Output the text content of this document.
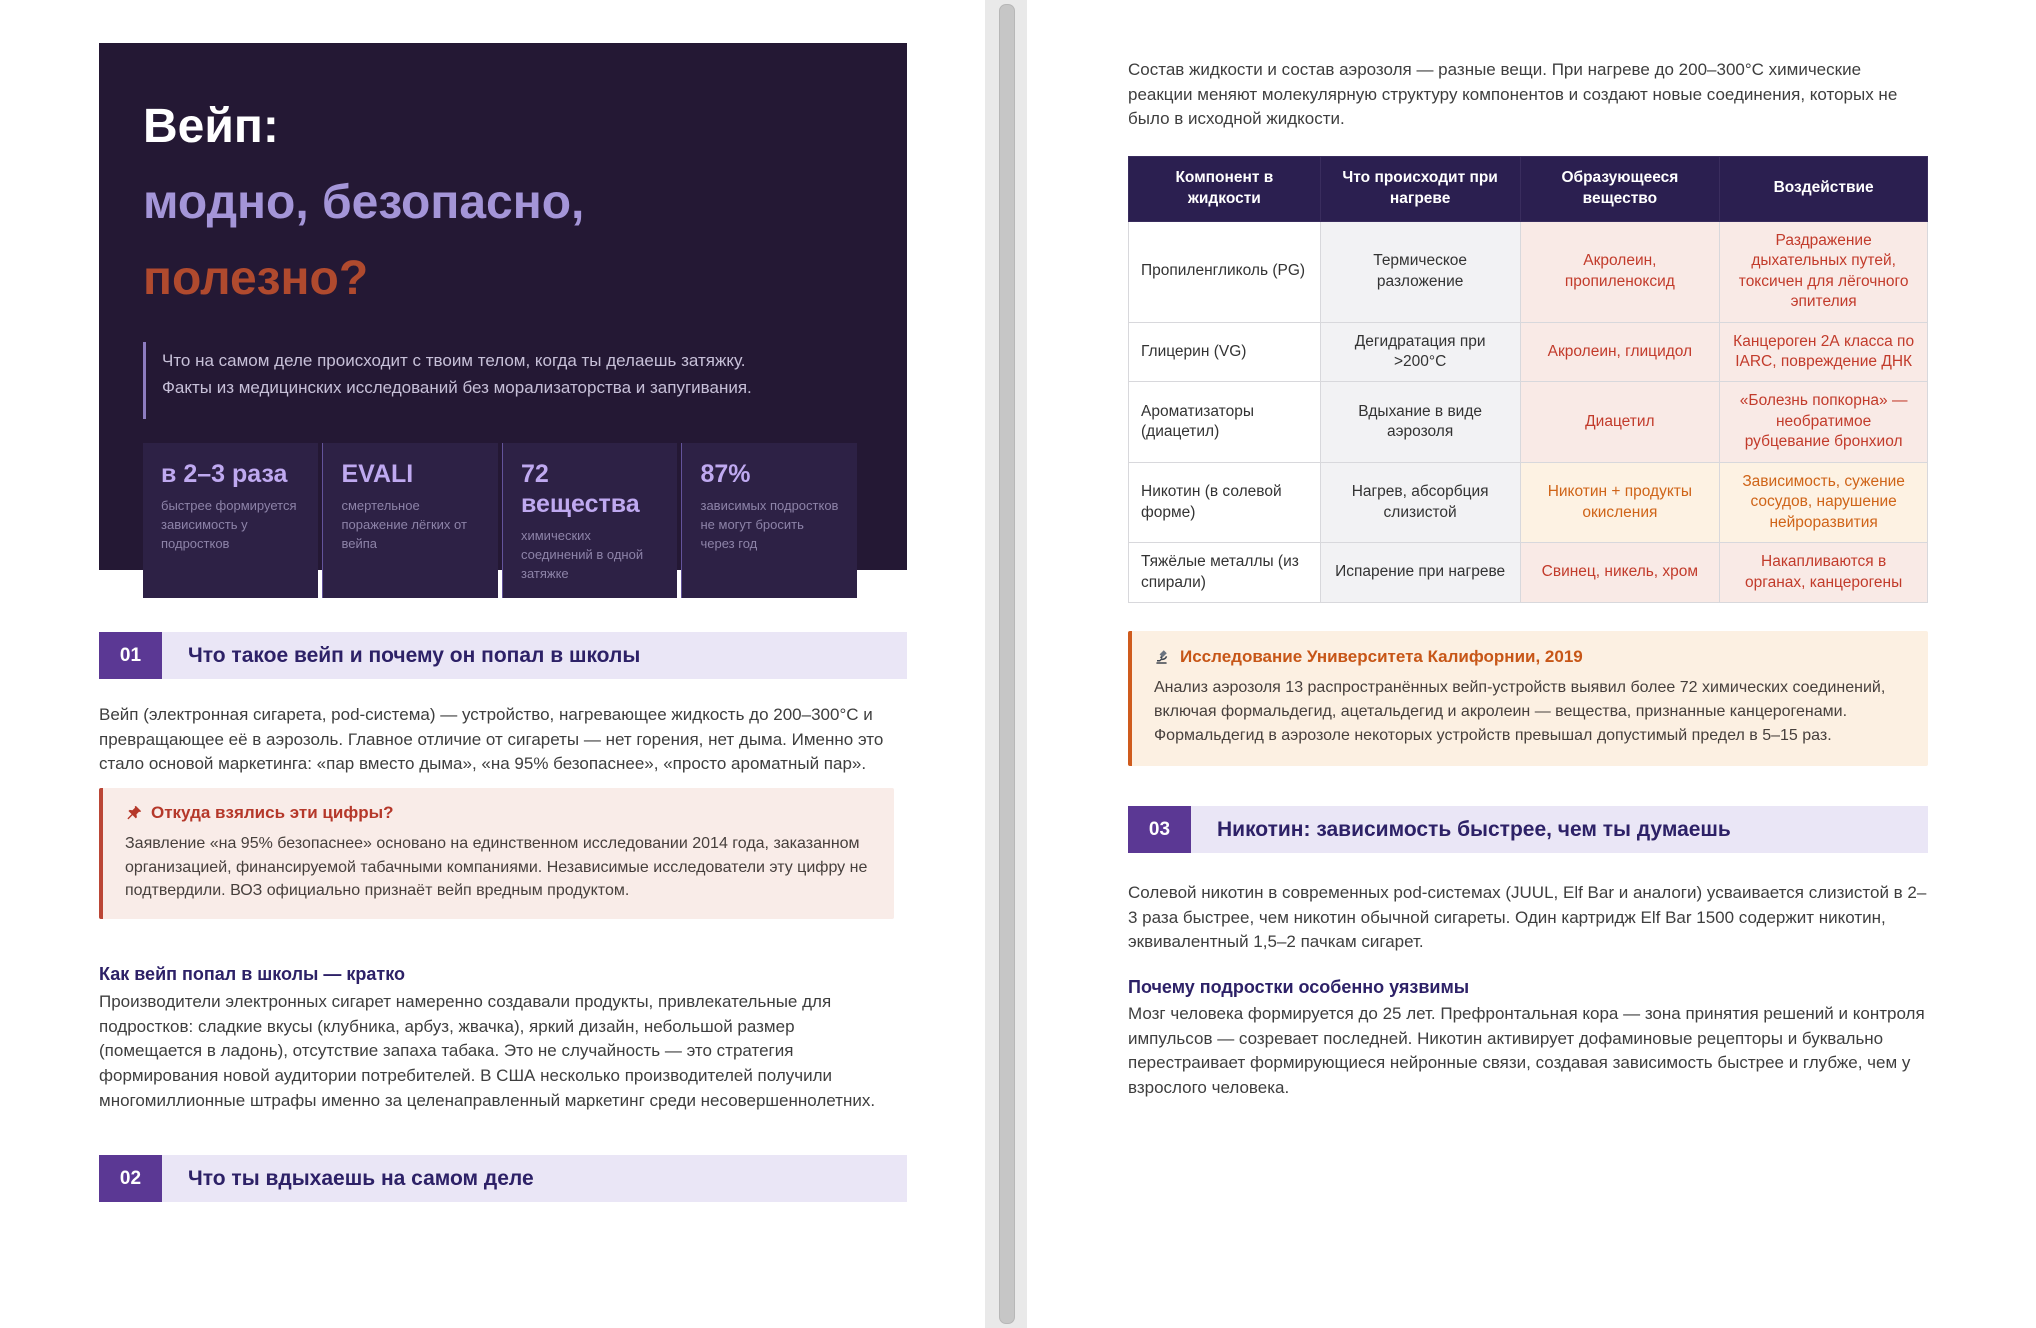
Вейп:
модно, безопасно,
полезно?
Что на самом деле происходит с твоим телом, когда ты делаешь затяжку. Факты из медицинских исследований без морализаторства и запугивания.
в 2–3 раза
быстрее формируется зависимость у подростков
EVALI
смертельное поражение лёгких от вейпа
72 вещества
химических соединений в одной затяжке
87%
зависимых подростков не могут бросить через год
01	Что такое вейп и почему он попал в школы
Вейп (электронная сигарета, pod-система) — устройство, нагревающее жидкость до 200–300°C и превращающее её в аэрозоль. Главное отличие от сигареты — нет горения, нет дыма. Именно это стало основой маркетинга: «пар вместо дыма», «на 95% безопаснее», «просто ароматный пар».
Откуда взялись эти цифры?
Заявление «на 95% безопаснее» основано на единственном исследовании 2014 года, заказанном организацией, финансируемой табачными компаниями. Независимые исследователи эту цифру не подтвердили. ВОЗ официально признаёт вейп вредным продуктом.
Как вейп попал в школы — кратко
Производители электронных сигарет намеренно создавали продукты, привлекательные для подростков: сладкие вкусы (клубника, арбуз, жвачка), яркий дизайн, небольшой размер (помещается в ладонь), отсутствие запаха табака. Это не случайность — это стратегия формирования новой аудитории потребителей. В США несколько производителей получили многомиллионные штрафы именно за целенаправленный маркетинг среди несовершеннолетних.
02	Что ты вдыхаешь на самом деле
Состав жидкости и состав аэрозоля — разные вещи. При нагреве до 200–300°C химические реакции меняют молекулярную структуру компонентов и создают новые соединения, которых не было в исходной жидкости.
Компонент в жидкости	Что происходит при нагреве	Образующееся вещество	Воздействие
Пропиленгликоль (PG)	Термическое разложение	Акролеин, пропиленоксид	Раздражение дыхательных путей, токсичен для лёгочного эпителия
Глицерин (VG)	Дегидратация при >200°C	Акролеин, глицидол	Канцероген 2А класса по IARC, повреждение ДНК
Ароматизаторы (диацетил)	Вдыхание в виде аэрозоля	Диацетил	«Болезнь попкорна» — необратимое рубцевание бронхиол
Никотин (в солевой форме)	Нагрев, абсорбция слизистой	Никотин + продукты окисления	Зависимость, сужение сосудов, нарушение нейроразвития
Тяжёлые металлы (из спирали)	Испарение при нагреве	Свинец, никель, хром	Накапливаются в органах, канцерогены
Исследование Университета Калифорнии, 2019
Анализ аэрозоля 13 распространённых вейп-устройств выявил более 72 химических соединений, включая формальдегид, ацетальдегид и акролеин — вещества, признанные канцерогенами. Формальдегид в аэрозоле некоторых устройств превышал допустимый предел в 5–15 раз.
03	Никотин: зависимость быстрее, чем ты думаешь
Солевой никотин в современных pod-системах (JUUL, Elf Bar и аналоги) усваивается слизистой в 2–3 раза быстрее, чем никотин обычной сигареты. Один картридж Elf Bar 1500 содержит никотин, эквивалентный 1,5–2 пачкам сигарет.
Почему подростки особенно уязвимы
Мозг человека формируется до 25 лет. Префронтальная кора — зона принятия решений и контроля импульсов — созревает последней. Никотин активирует дофаминовые рецепторы и буквально перестраивает формирующиеся нейронные связи, создавая зависимость быстрее и глубже, чем у взрослого человека.
